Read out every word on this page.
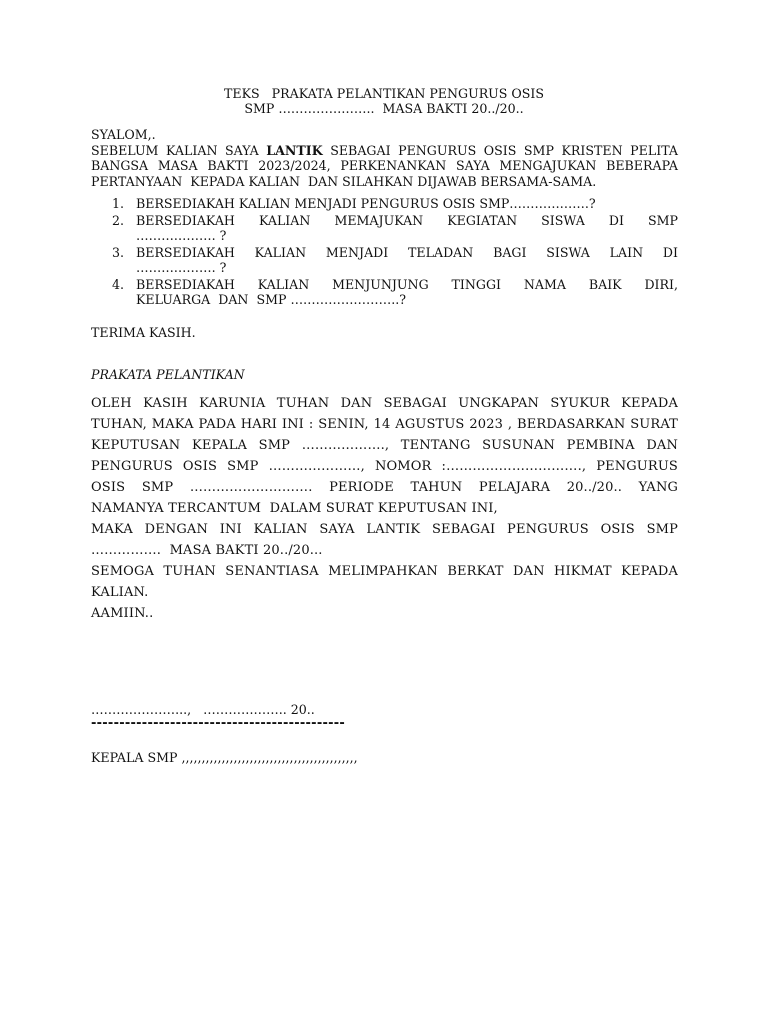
TEKS   PRAKATA PELANTIKAN PENGURUS OSIS
SMP …………………..  MASA BAKTI 20../20..
SYALOM,.
SEBELUM KALIAN SAYA LANTIK SEBAGAI PENGURUS OSIS SMP KRISTEN PELITA
BANGSA MASA BAKTI 2023/2024, PERKENANKAN SAYA MENGAJUKAN BEBERAPA
PERTANYAAN  KEPADA KALIAN  DAN SILAHKAN DIJAWAB BERSAMA-SAMA.
1. BERSEDIAKAH KALIAN MENJADI PENGURUS OSIS SMP……………….?
2. BERSEDIAKAH KALIAN MEMAJUKAN KEGIATAN SISWA DI SMP
………………. ?
3. BERSEDIAKAH KALIAN MENJADI TELADAN BAGI SISWA LAIN DI
………………. ?
4. BERSEDIAKAH KALIAN MENJUNJUNG TINGGI NAMA BAIK DIRI,
KELUARGA  DAN  SMP ……………………..?
TERIMA KASIH.
PRAKATA PELANTIKAN
OLEH KASIH KARUNIA TUHAN DAN SEBAGAI UNGKAPAN SYUKUR KEPADA
TUHAN, MAKA PADA HARI INI : SENIN, 14 AGUSTUS 2023 , BERDASARKAN SURAT
KEPUTUSAN KEPALA SMP ………………., TENTANG SUSUNAN PEMBINA DAN
PENGURUS OSIS SMP …………………, NOMOR :…………………………., PENGURUS
OSIS SMP ………………………. PERIODE TAHUN PELAJARA 20../20.. YANG
NAMANYA TERCANTUM  DALAM SURAT KEPUTUSAN INI,
MAKA DENGAN INI KALIAN SAYA LANTIK SEBAGAI PENGURUS OSIS SMP
…………….  MASA BAKTI 20../20...
SEMOGA TUHAN SENANTIASA MELIMPAHKAN BERKAT DAN HIKMAT KEPADA
KALIAN.
AAMIIN..

…………………..,   ……………….. 20..

KEPALA SMP ,,,,,,,,,,,,,,,,,,,,,,,,,,,,,,,,,,,,,,,,,,,,

---------------------------------------------
